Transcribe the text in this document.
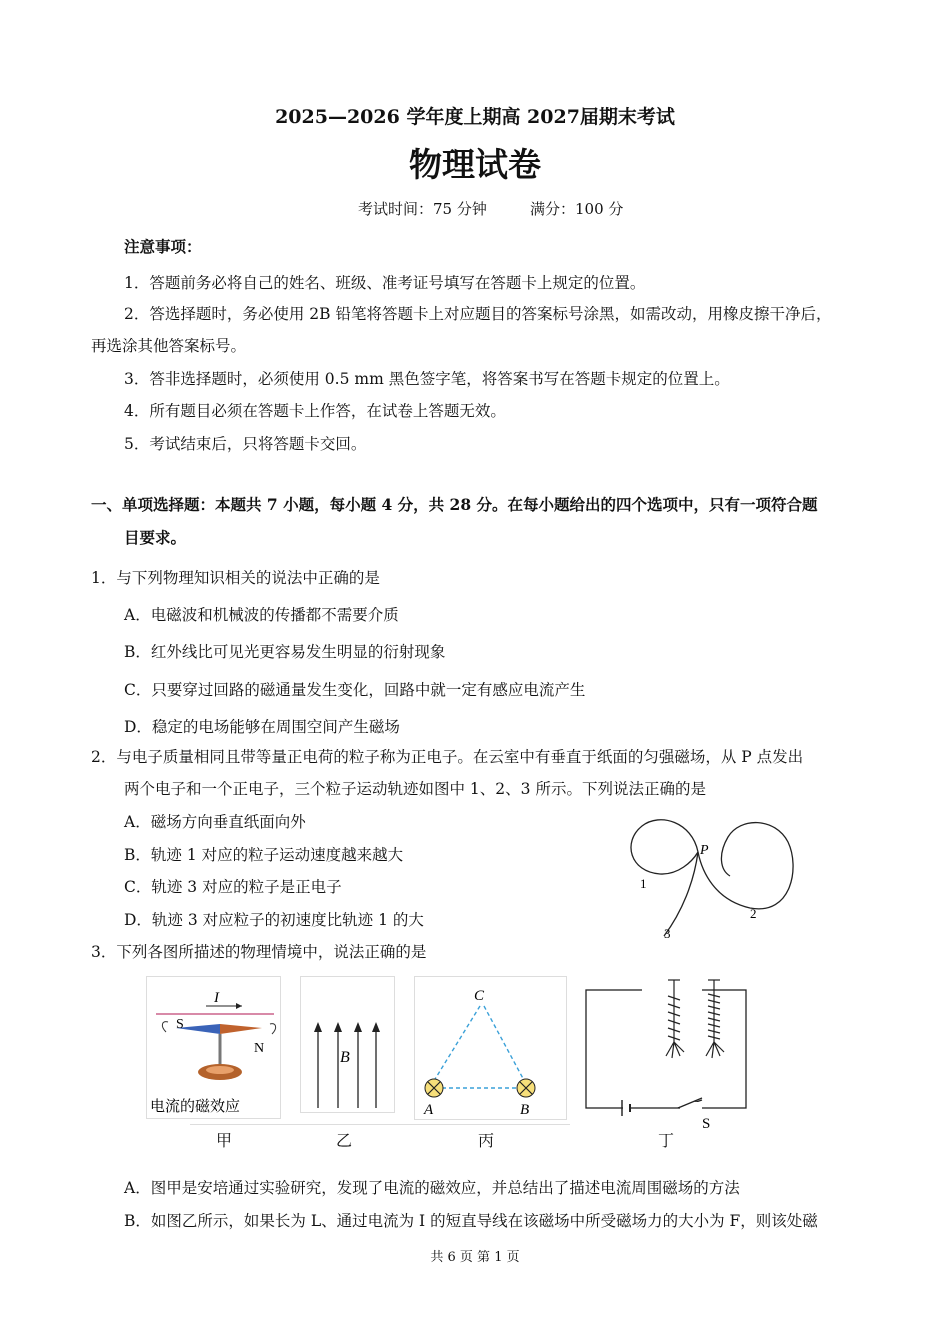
2025—2026 学年度上期高 2027届期末考试
物理试卷
考试时间：75 分钟	满分：100 分
注意事项：
1．答题前务必将自己的姓名、班级、准考证号填写在答题卡上规定的位置。
2．答选择题时，务必使用 2B 铅笔将答题卡上对应题目的答案标号涂黑，如需改动，用橡皮擦干净后，
再选涂其他答案标号。
3．答非选择题时，必须使用 0.5 mm 黑色签字笔，将答案书写在答题卡规定的位置上。
4．所有题目必须在答题卡上作答，在试卷上答题无效。
5．考试结束后，只将答题卡交回。
一、单项选择题：本题共 7 小题，每小题 4 分，共 28 分。在每小题给出的四个选项中，只有一项符合题
目要求。
1．与下列物理知识相关的说法中正确的是
A．电磁波和机械波的传播都不需要介质
B．红外线比可见光更容易发生明显的衍射现象
C．只要穿过回路的磁通量发生变化，回路中就一定有感应电流产生
D．稳定的电场能够在周围空间产生磁场
2．与电子质量相同且带等量正电荷的粒子称为正电子。在云室中有垂直于纸面的匀强磁场，从 P 点发出
两个电子和一个正电子，三个粒子运动轨迹如图中 1、2、3 所示。下列说法正确的是
A．磁场方向垂直纸面向外
B．轨迹 1 对应的粒子运动速度越来越大
C．轨迹 3 对应的粒子是正电子
D．轨迹 3 对应粒子的初速度比轨迹 1 的大
P
1
2
3
3．下列各图所描述的物理情境中，说法正确的是
I
S
N
电流的磁效应
B
C
A	B
S
甲	乙	丙	丁
A．图甲是安培通过实验研究，发现了电流的磁效应，并总结出了描述电流周围磁场的方法
B．如图乙所示，如果长为 L、通过电流为 I 的短直导线在该磁场中所受磁场力的大小为 F，则该处磁
共 6 页 第 1 页
